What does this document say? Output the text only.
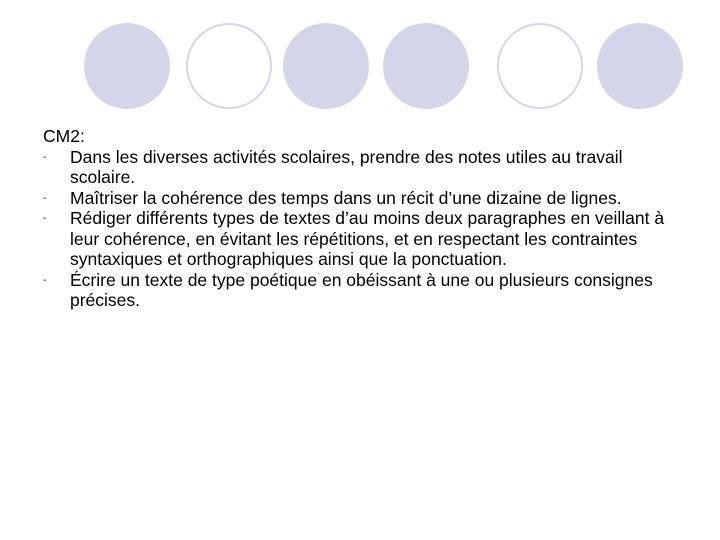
CM2:

- Dans les diverses activités scolaires, prendre des notes utiles au travail scolaire.
- Maîtriser la cohérence des temps dans un récit d’une dizaine de lignes.
- Rédiger différents types de textes d’au moins deux paragraphes en veillant à leur cohérence, en évitant les répétitions, et en respectant les contraintes syntaxiques et orthographiques ainsi que la ponctuation.
- Écrire un texte de type poétique en obéissant à une ou plusieurs consignes précises.
